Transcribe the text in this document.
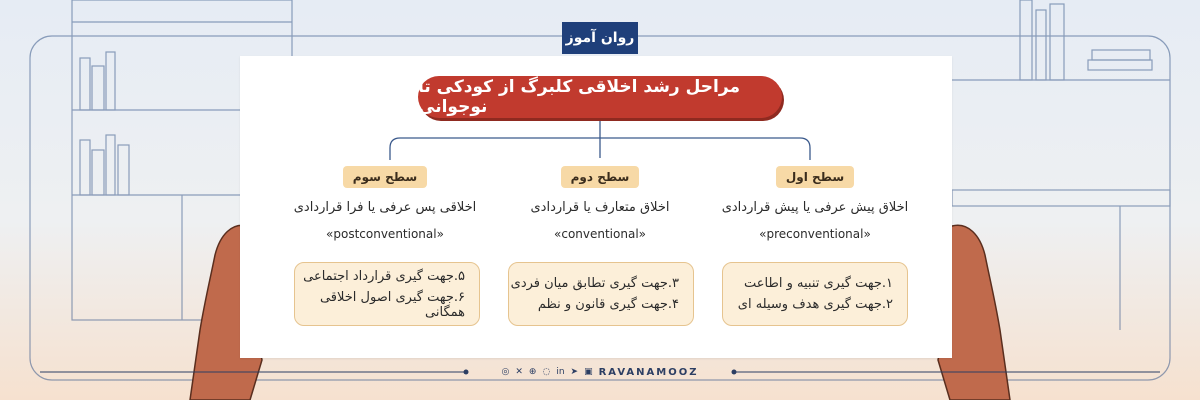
روان آموز
مراحل رشد اخلاقی کلبرگ از کودکی تا نوجوانی
سطح اول
اخلاق پیش عرفی یا پیش قراردادی
«preconventional»
سطح دوم
اخلاق متعارف یا قراردادی
«conventional»
سطح سوم
اخلاقی پس عرفی یا فرا قراردادی
«postconventional»
۱.جهت گیری تنبیه و اطاعت
۲.جهت گیری هدف وسیله ای
۳.جهت گیری تطابق میان فردی
۴.جهت گیری قانون و نظم
۵.جهت گیری قرارداد اجتماعی
۶.جهت گیری اصول اخلاقی همگانی
◎ ✕ ⊕ ◌ in ➤ ▣ RAVANAMOOZ
